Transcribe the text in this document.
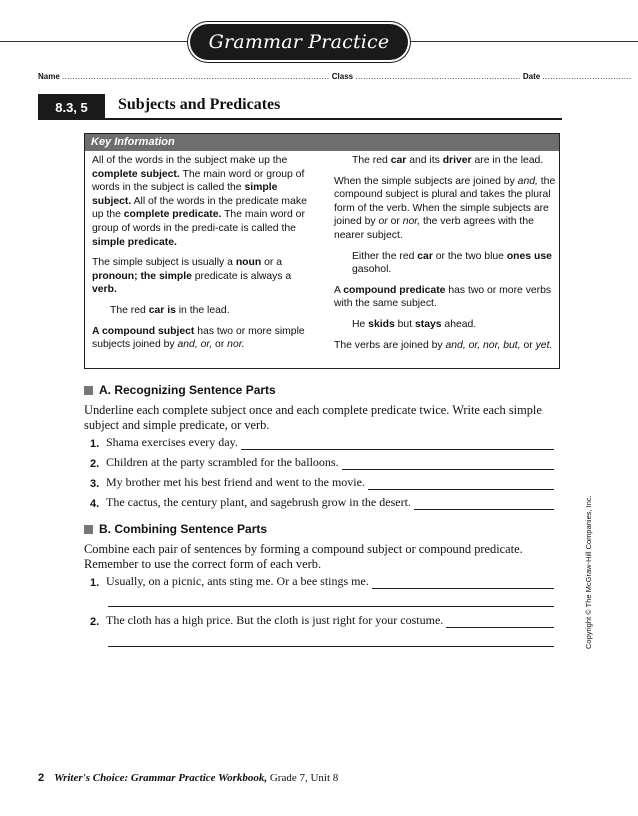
Grammar Practice
Name
......................................................................................................
Class
...............................................................
Date
..................................
8.3, 5	Subjects and Predicates
Key Information

All of the words in the subject make up the complete subject. The main word or group of words in the subject is called the simple subject. All of the words in the predicate make up the complete predicate. The main word or group of words in the predi-cate is called the simple predicate.

The simple subject is usually a noun or a pronoun; the simple predicate is always a verb.

The red car is in the lead.

A compound subject has two or more simple subjects joined by and, or, or nor.

The red car and its driver are in the lead.

When the simple subjects are joined by and, the compound subject is plural and takes the plural form of the verb. When the simple subjects are joined by or or nor, the verb agrees with the nearer subject.

Either the red car or the two blue ones use gasohol.

A compound predicate has two or more verbs with the same subject.

He skids but stays ahead.

The verbs are joined by and, or, nor, but, or yet.

A. Recognizing Sentence Parts
Underline each complete subject once and each complete predicate twice. Write each simple subject and simple predicate, or verb.
1. Shama exercises every day.
2. Children at the party scrambled for the balloons.
3. My brother met his best friend and went to the movie.
4. The cactus, the century plant, and sagebrush grow in the desert.
B. Combining Sentence Parts
Combine each pair of sentences by forming a compound subject or compound predicate. Remember to use the correct form of each verb.
1. Usually, on a picnic, ants sting me. Or a bee stings me.
2. The cloth has a high price. But the cloth is just right for your costume.	Copyright © The McGraw-Hill Companies, Inc.
2 Writer's Choice: Grammar Practice Workbook, Grade 7, Unit 8
